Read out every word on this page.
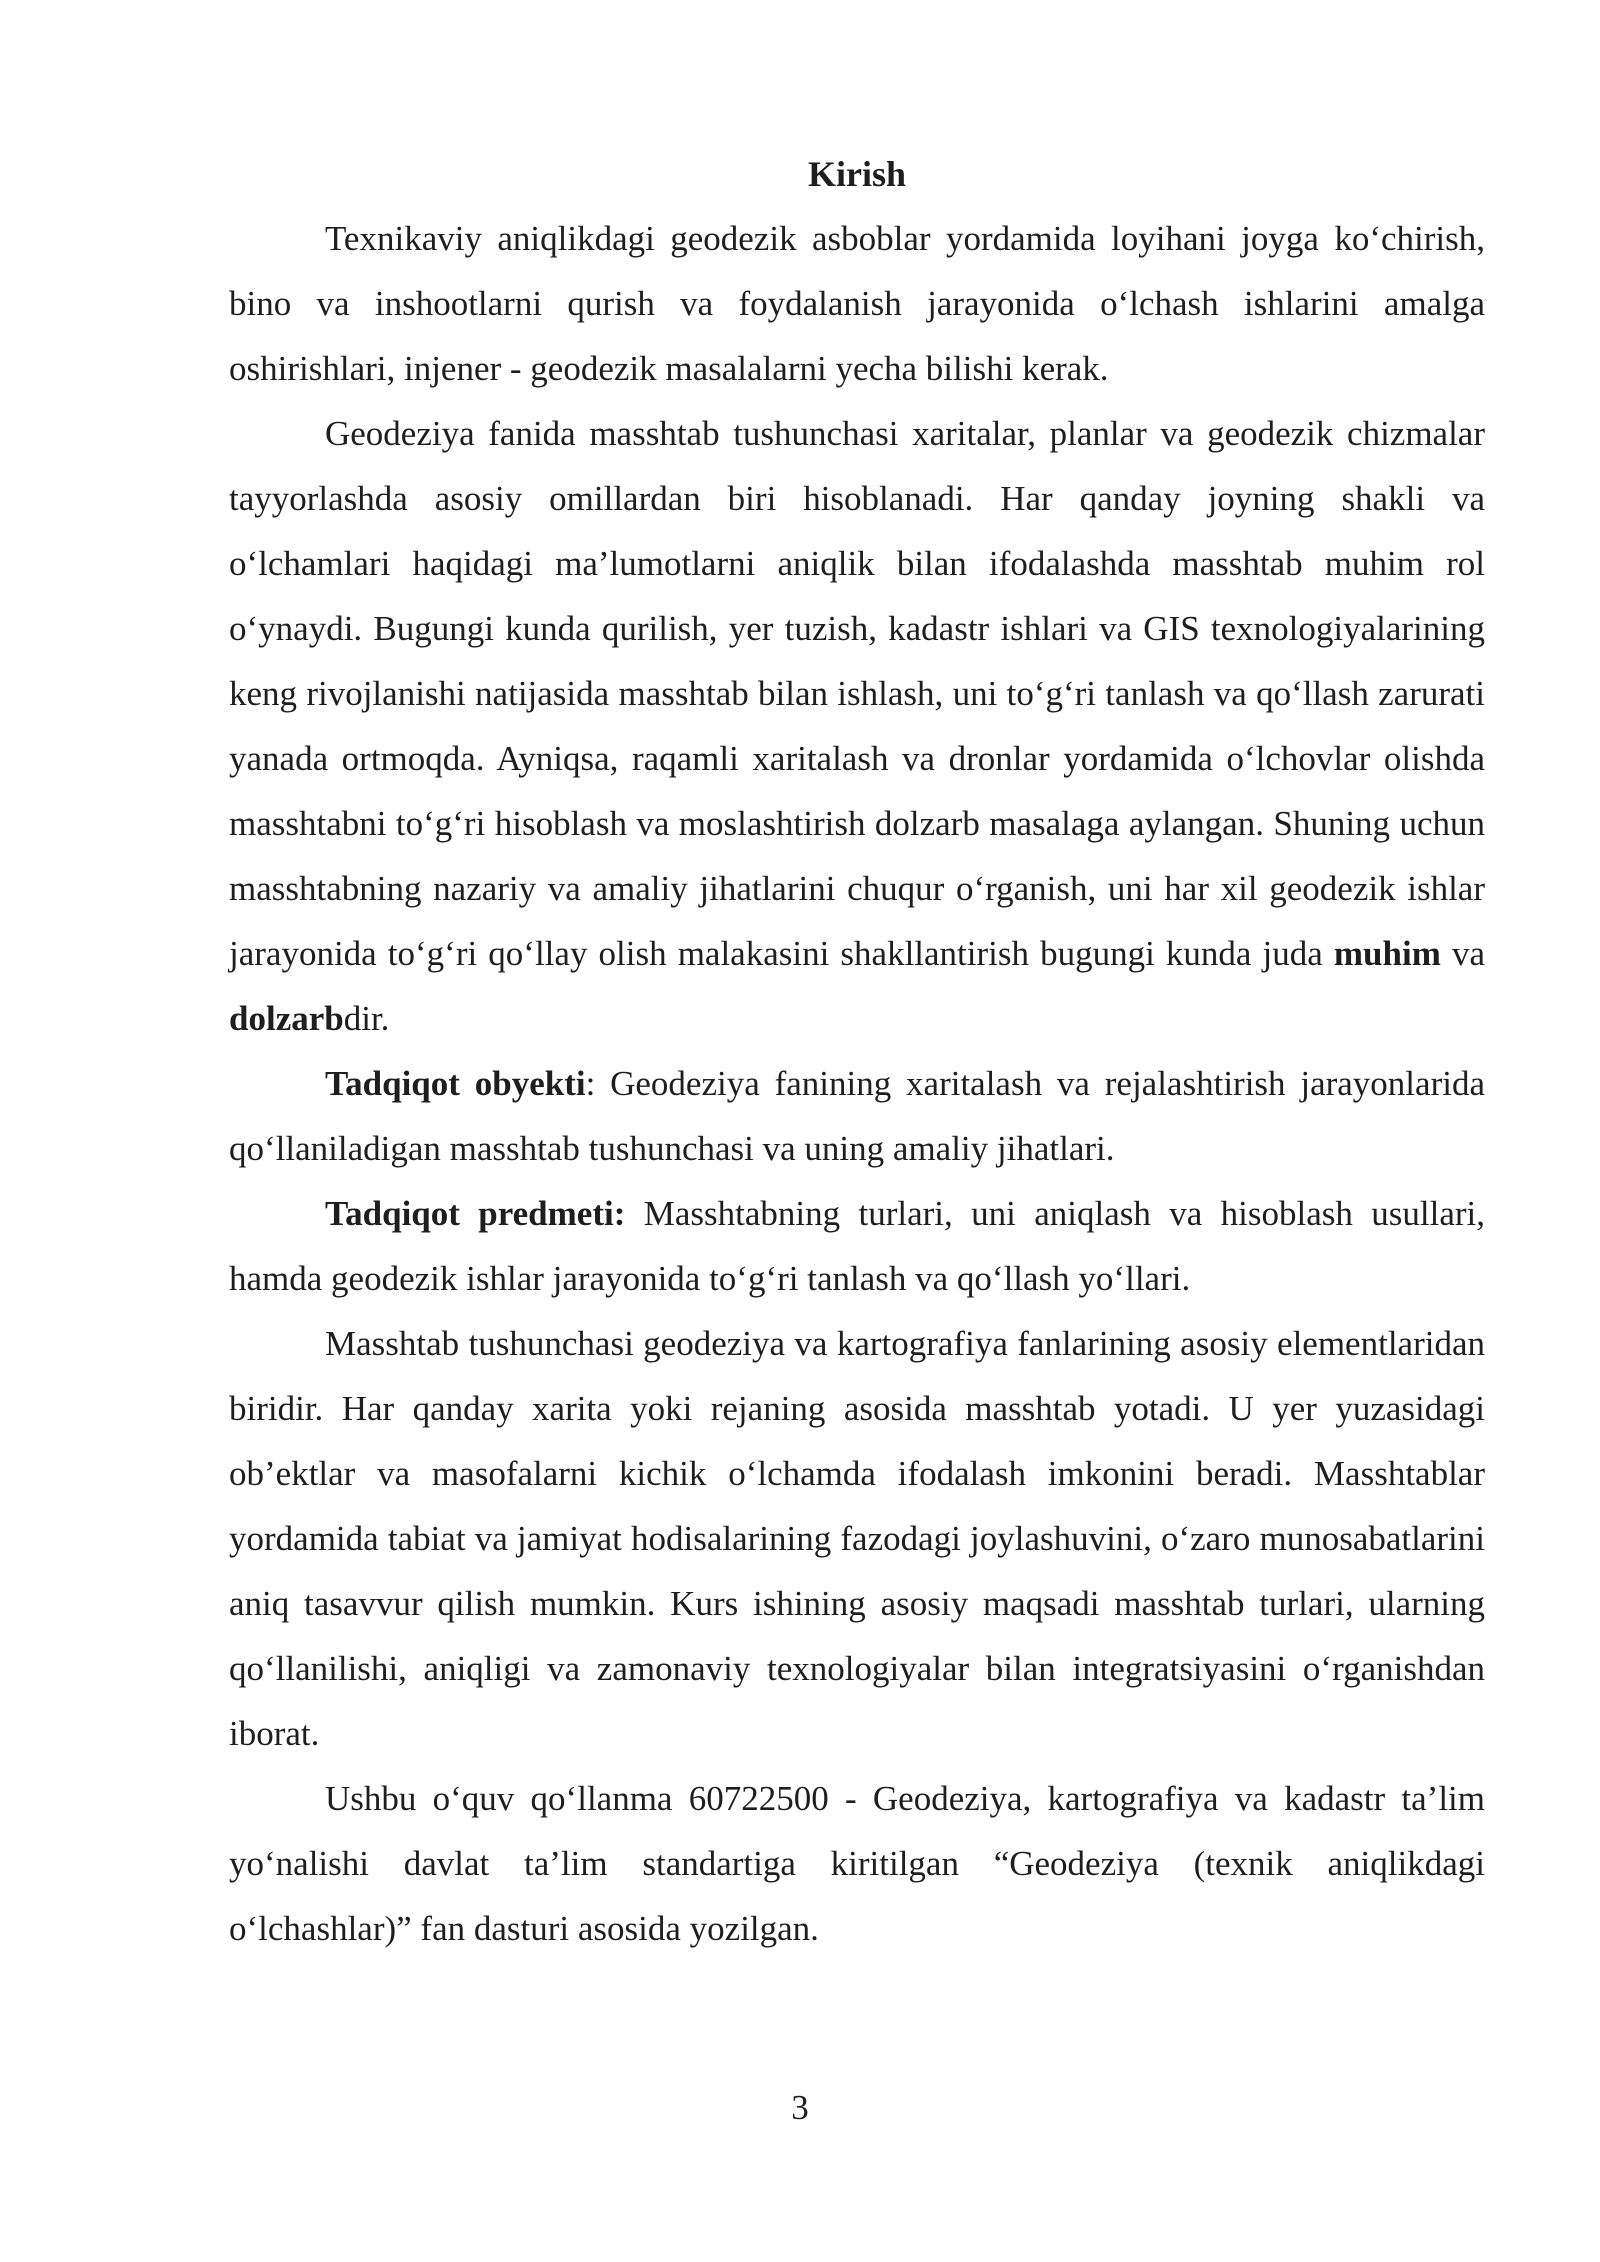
Kirish

Texnikaviy aniqlikdagi geodezik asboblar yordamida loyihani joyga ko‘chirish, bino va inshootlarni qurish va foydalanish jarayonida o‘lchash ishlarini amalga oshirishlari, injener - geodezik masalalarni yecha bilishi kerak.

Geodeziya fanida masshtab tushunchasi xaritalar, planlar va geodezik chizmalar tayyorlashda asosiy omillardan biri hisoblanadi. Har qanday joyning shakli va o‘lchamlari haqidagi ma’lumotlarni aniqlik bilan ifodalashda masshtab muhim rol o‘ynaydi. Bugungi kunda qurilish, yer tuzish, kadastr ishlari va GIS texnologiyalarining keng rivojlanishi natijasida masshtab bilan ishlash, uni to‘g‘ri tanlash va qo‘llash zarurati yanada ortmoqda. Ayniqsa, raqamli xaritalash va dronlar yordamida o‘lchovlar olishda masshtabni to‘g‘ri hisoblash va moslashtirish dolzarb masalaga aylangan. Shuning uchun masshtabning nazariy va amaliy jihatlarini chuqur o‘rganish, uni har xil geodezik ishlar jarayonida to‘g‘ri qo‘llay olish malakasini shakllantirish bugungi kunda juda muhim va dolzarbdir.

Tadqiqot obyekti: Geodeziya fanining xaritalash va rejalashtirish jarayonlarida qo‘llaniladigan masshtab tushunchasi va uning amaliy jihatlari.

Tadqiqot predmeti: Masshtabning turlari, uni aniqlash va hisoblash usullari, hamda geodezik ishlar jarayonida to‘g‘ri tanlash va qo‘llash yo‘llari.

Masshtab tushunchasi geodeziya va kartografiya fanlarining asosiy elementlaridan biridir. Har qanday xarita yoki rejaning asosida masshtab yotadi. U yer yuzasidagi ob’ektlar va masofalarni kichik o‘lchamda ifodalash imkonini beradi. Masshtablar yordamida tabiat va jamiyat hodisalarining fazodagi joylashuvini, o‘zaro munosabatlarini aniq tasavvur qilish mumkin. Kurs ishining asosiy maqsadi masshtab turlari, ularning qo‘llanilishi, aniqligi va zamonaviy texnologiyalar bilan integratsiyasini o‘rganishdan iborat.

Ushbu o‘quv qo‘llanma 60722500 - Geodeziya, kartografiya va kadastr ta’lim yo‘nalishi davlat ta’lim standartiga kiritilgan “Geodeziya (texnik aniqlikdagi o‘lchashlar)” fan dasturi asosida yozilgan.

3
